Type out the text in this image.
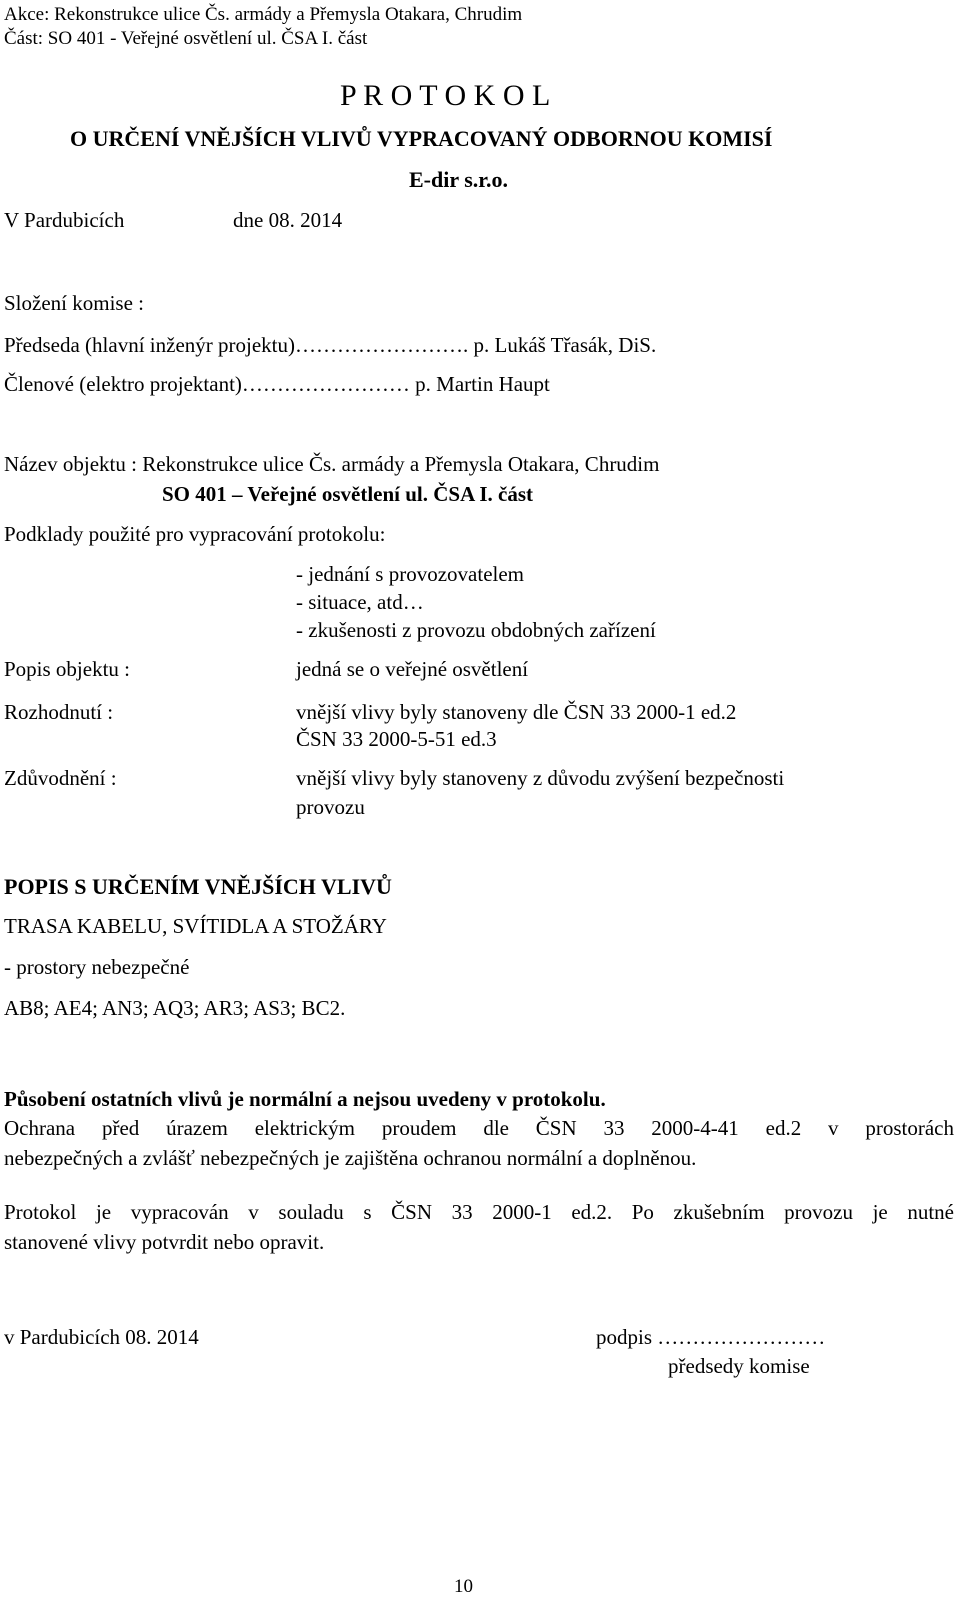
Akce: Rekonstrukce ulice Čs. armády a Přemysla Otakara, Chrudim
Část: SO 401 - Veřejné osvětlení ul. ČSA I. část
P R O T O K O L
O URČENÍ VNĚJŠÍCH VLIVŮ VYPRACOVANÝ ODBORNOU KOMISÍ
E-dir s.r.o.
V Pardubicích	dne 08. 2014
Složení komise :
Předseda (hlavní inženýr projektu)……………………. p. Lukáš Třasák, DiS.
Členové (elektro projektant)…………………… p. Martin Haupt
Název objektu : Rekonstrukce ulice Čs. armády a Přemysla Otakara, Chrudim
SO 401 – Veřejné osvětlení ul. ČSA I. část
Podklady použité pro vypracování protokolu:
- jednání s provozovatelem
- situace, atd…
- zkušenosti z provozu obdobných zařízení
Popis objektu :	jedná se o veřejné osvětlení
Rozhodnutí :	vnější vlivy byly stanoveny dle ČSN 33 2000-1 ed.2
ČSN 33 2000-5-51 ed.3
Zdůvodnění :	vnější vlivy byly stanoveny z důvodu zvýšení bezpečnosti
provozu
POPIS S URČENÍM VNĚJŠÍCH VLIVŮ
TRASA KABELU, SVÍTIDLA A STOŽÁRY
- prostory nebezpečné
AB8; AE4; AN3; AQ3; AR3; AS3; BC2.
Působení ostatních vlivů je normální a nejsou uvedeny v protokolu.
Ochrana před úrazem elektrickým proudem dle ČSN 33 2000-4-41 ed.2 v prostorách
nebezpečných a zvlášť nebezpečných je zajištěna ochranou normální a doplněnou.
Protokol je vypracován v souladu s ČSN 33 2000-1 ed.2. Po zkušebním provozu je nutné
stanovené vlivy potvrdit nebo opravit.
v Pardubicích 08. 2014	podpis ……………………
předsedy komise
10
